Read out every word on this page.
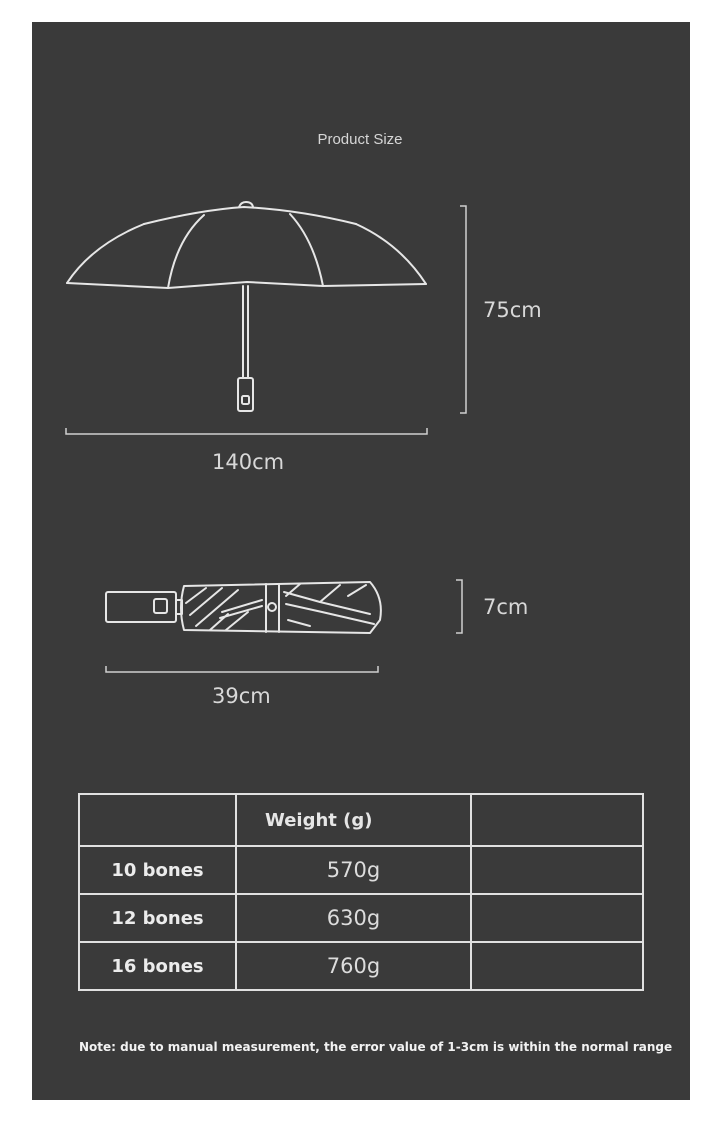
Product Size
75cm
140cm
7cm
39cm
	Weight (g)	
10 bones	570g	
12 bones	630g	
16 bones	760g	
Note: due to manual measurement, the error value of 1-3cm is within the normal range
